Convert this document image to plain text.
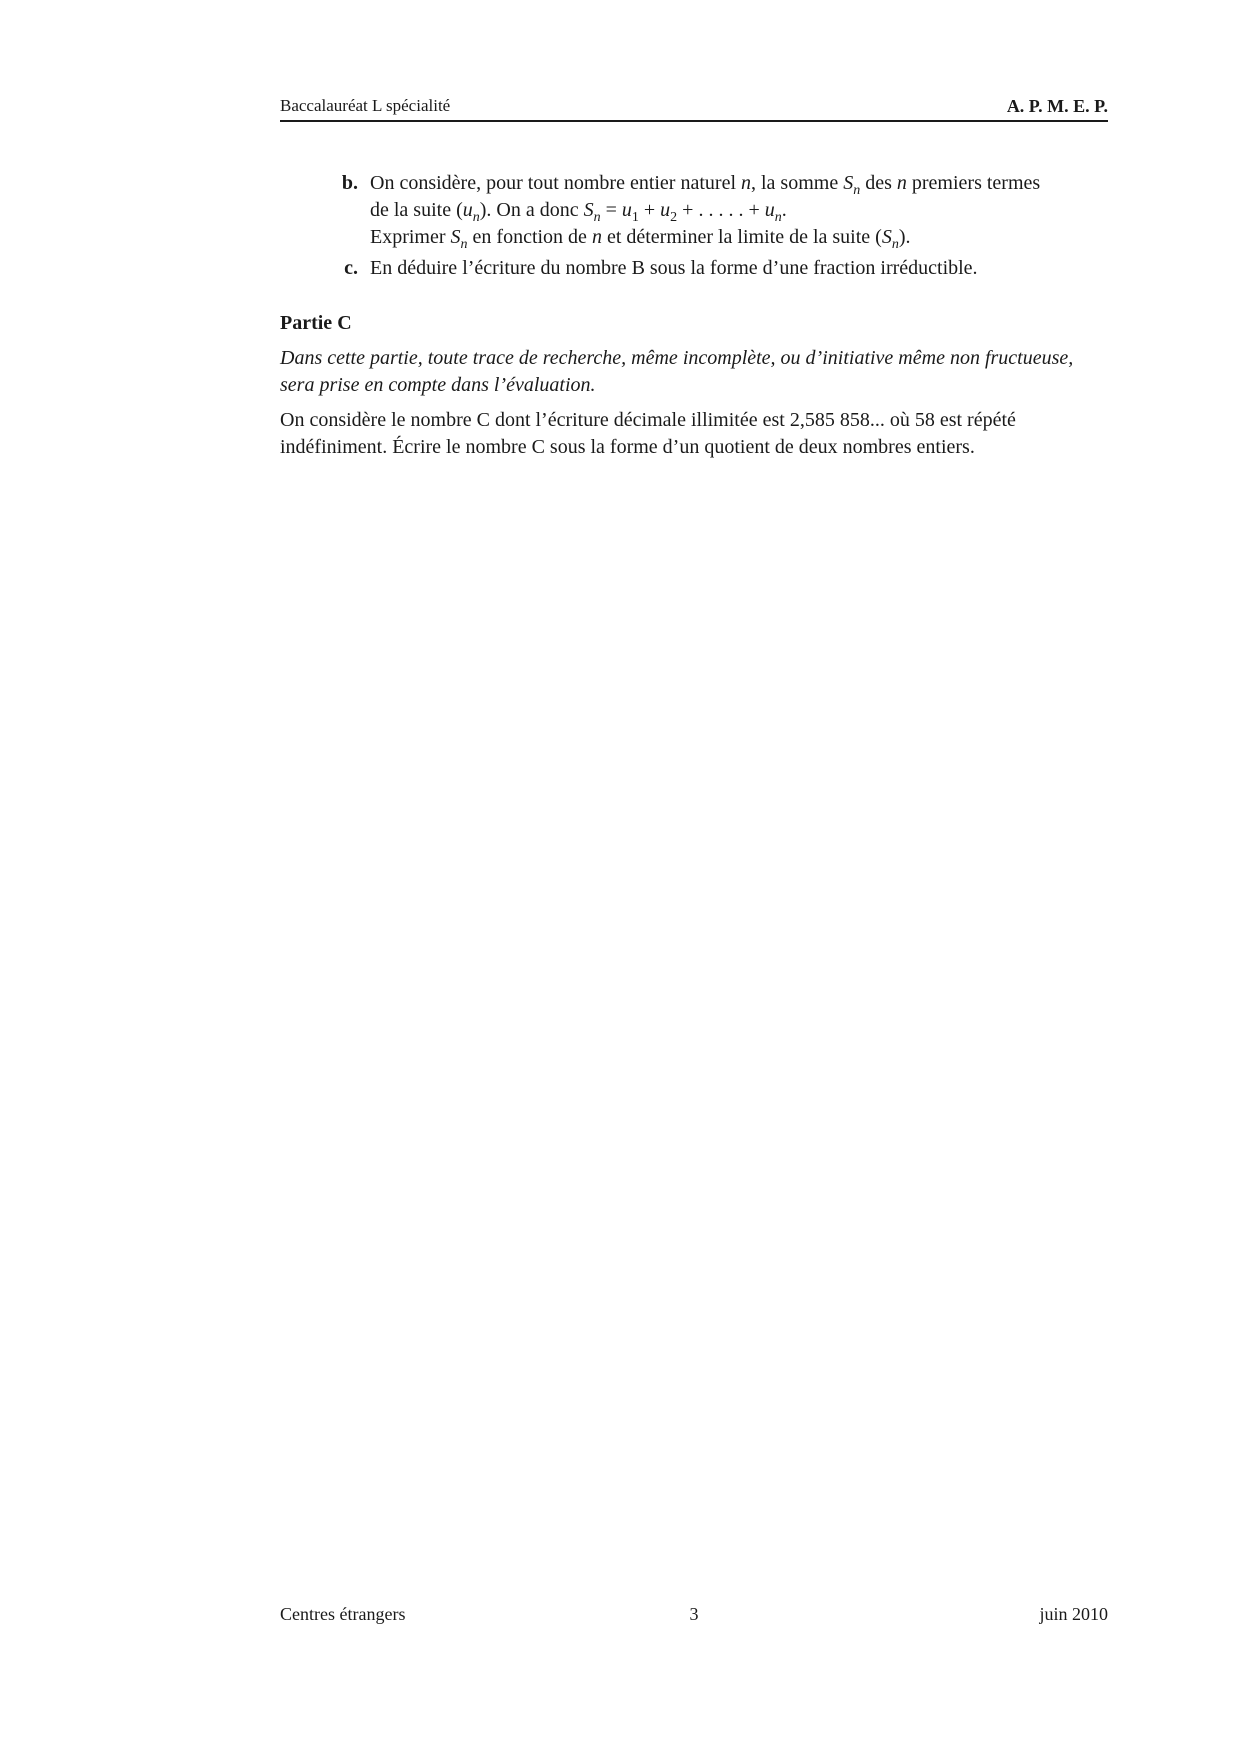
Baccalauréat L spécialité	A. P. M. E. P.
b. On considère, pour tout nombre entier naturel n, la somme $S_n$ des n premiers termes

de la suite $(u_n)$. On a donc $S_n = u_1 + u_2$ + . . . . . + $u_n$.

Exprimer $S_n$ en fonction de n et déterminer la limite de la suite $(S_n)$.

c. En déduire l’écriture du nombre B sous la forme d’une fraction irréductible.

Partie C

Dans cette partie, toute trace de recherche, même incomplète, ou d’initiative même non fructueuse, sera prise en compte dans l’évaluation.

On considère le nombre C dont l’écriture décimale illimitée est 2,585 858... où 58 est répété indéfiniment. Écrire le nombre C sous la forme d’un quotient de deux nombres entiers.

Centres étrangers	3	juin 2010
